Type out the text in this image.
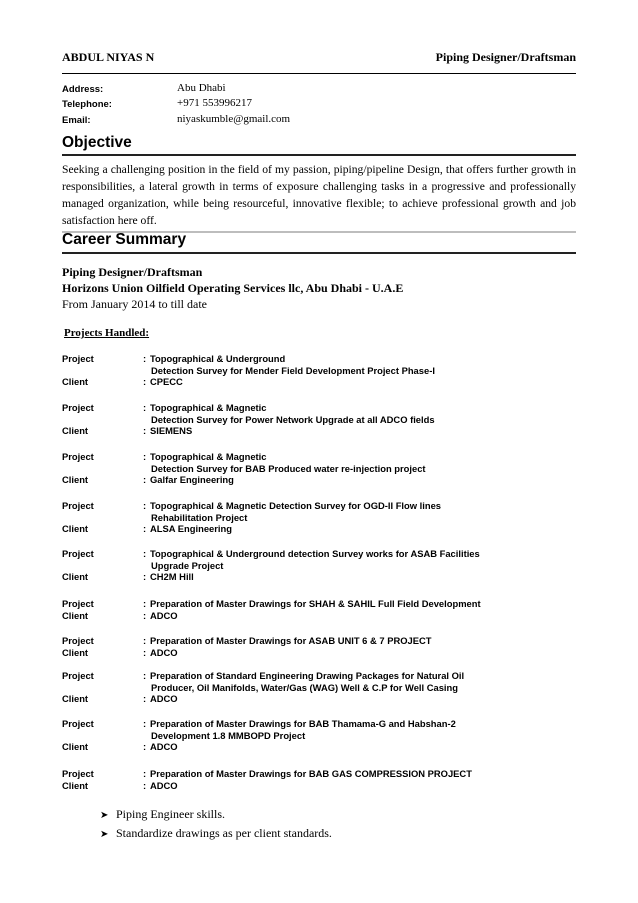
ABDUL NIYAS N	Piping Designer/Draftsman
Address:	Abu Dhabi
Telephone:	+971 553996217
Email:	niyaskumble@gmail.com
Objective
Seeking a challenging position in the field of my passion, piping/pipeline Design, that offers further growth in responsibilities, a lateral growth in terms of exposure challenging tasks in a progressive and professionally managed organization, while being resourceful, innovative flexible; to achieve professional growth and job satisfaction here off.
Career Summary
Piping Designer/Draftsman
Horizons Union Oilfield Operating Services llc, Abu Dhabi - U.A.E
From January 2014 to till date
Projects Handled:
Project	: Topographical & Underground
Detection Survey for Mender Field Development Project Phase-I
Client	: CPECC
Project	: Topographical & Magnetic
Detection Survey for Power Network Upgrade at all ADCO fields
Client	: SIEMENS
Project	: Topographical & Magnetic
Detection Survey for BAB Produced water re-injection project
Client	: Galfar Engineering
Project	: Topographical & Magnetic Detection Survey for OGD-II Flow lines
Rehabilitation Project
Client	: ALSA Engineering
Project	: Topographical & Underground detection Survey works for ASAB Facilities
Upgrade Project
Client	: CH2M Hill
Project	: Preparation of Master Drawings for SHAH & SAHIL Full Field Development
Client	: ADCO
Project	: Preparation of Master Drawings for ASAB UNIT 6 & 7 PROJECT
Client	: ADCO
Project	: Preparation of Standard Engineering Drawing Packages for Natural Oil
Producer, Oil Manifolds, Water/Gas (WAG) Well & C.P for Well Casing
Client	: ADCO
Project	: Preparation of Master Drawings for BAB Thamama-G and Habshan-2
Development 1.8 MMBOPD Project
Client	: ADCO
Project	: Preparation of Master Drawings for BAB GAS COMPRESSION PROJECT
Client	: ADCO
➤ Piping Engineer skills.
➤ Standardize drawings as per client standards.
